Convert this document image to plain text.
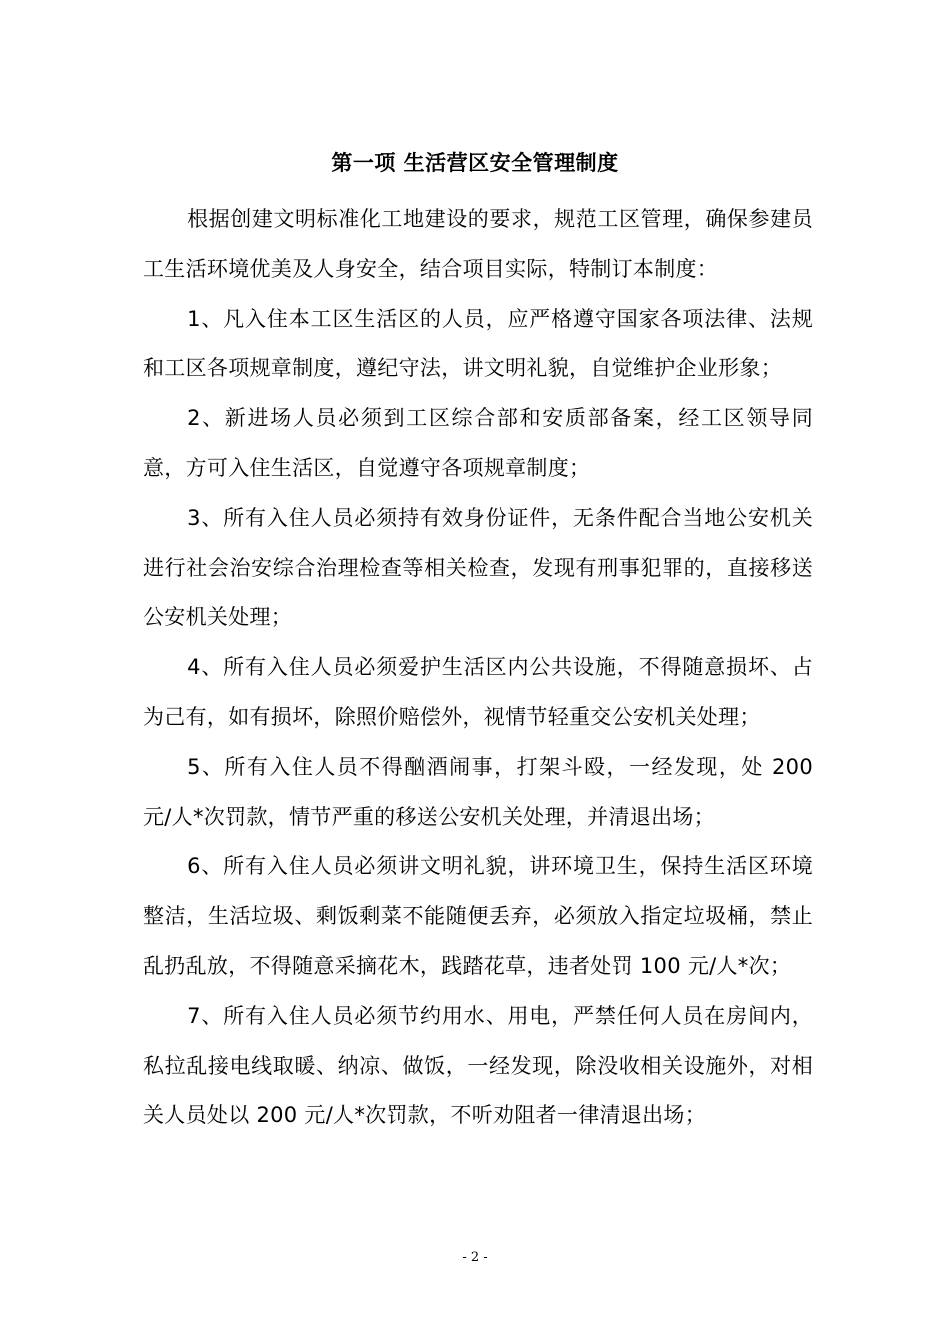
第一项 生活营区安全管理制度

根据创建文明标准化工地建设的要求，规范工区管理，确保参建员工生活环境优美及人身安全，结合项目实际，特制订本制度：

1、凡入住本工区生活区的人员，应严格遵守国家各项法律、法规和工区各项规章制度，遵纪守法，讲文明礼貌，自觉维护企业形象；

2、新进场人员必须到工区综合部和安质部备案，经工区领导同意，方可入住生活区，自觉遵守各项规章制度；

3、所有入住人员必须持有效身份证件，无条件配合当地公安机关进行社会治安综合治理检查等相关检查，发现有刑事犯罪的，直接移送公安机关处理；

4、所有入住人员必须爱护生活区内公共设施，不得随意损坏、占为己有，如有损坏，除照价赔偿外，视情节轻重交公安机关处理；

5、所有入住人员不得酗酒闹事，打架斗殴，一经发现，处 200 元/人*次罚款，情节严重的移送公安机关处理，并清退出场；

6、所有入住人员必须讲文明礼貌，讲环境卫生，保持生活区环境整洁，生活垃圾、剩饭剩菜不能随便丢弃，必须放入指定垃圾桶，禁止乱扔乱放，不得随意采摘花木，践踏花草，违者处罚 100 元/人*次；

7、所有入住人员必须节约用水、用电，严禁任何人员在房间内，私拉乱接电线取暖、纳凉、做饭，一经发现，除没收相关设施外，对相关人员处以 200 元/人*次罚款，不听劝阻者一律清退出场；

- 2 -
